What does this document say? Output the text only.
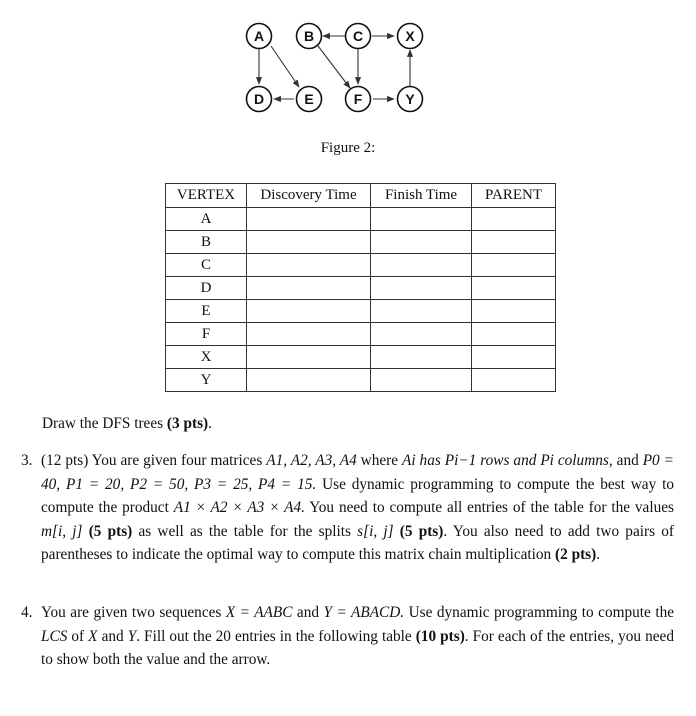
A	B	C	X
D	E	F	Y
Figure 2:
VERTEX	Discovery Time	Finish Time	PARENT
A			
B			
C			
D			
E			
F			
X			
Y			
Draw the DFS trees (3 pts).
3. (12 pts) You are given four matrices A1, A2, A3, A4 where Ai has Pi−1 rows and Pi columns, and P0 = 40, P1 = 20, P2 = 50, P3 = 25, P4 = 15. Use dynamic programming to compute the best way to compute the product A1 × A2 × A3 × A4. You need to compute all entries of the table for the values m[i, j] (5 pts) as well as the table for the splits s[i, j] (5 pts). You also need to add two pairs of parentheses to indicate the optimal way to compute this matrix chain multiplication (2 pts).
4. You are given two sequences X = AABC and Y = ABACD. Use dynamic programming to compute the LCS of X and Y. Fill out the 20 entries in the following table (10 pts). For each of the entries, you need to show both the value and the arrow.
